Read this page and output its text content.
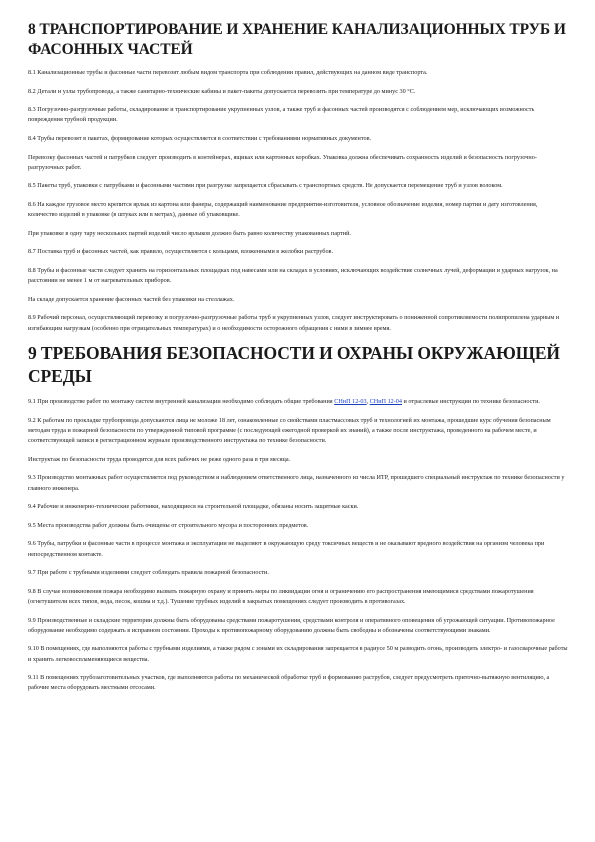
8 ТРАНСПОРТИРОВАНИЕ И ХРАНЕНИЕ КАНАЛИЗАЦИОННЫХ ТРУБ И ФАСОННЫХ ЧАСТЕЙ

8.1 Канализационные трубы и фасонные части перевозят любым видом транспорта при соблюдении правил, действующих на данном виде транспорта.

8.2 Детали и узлы трубопровода, а также санитарно-технические кабины и пакет-пакеты допускается перевозить при температуре до минус 30 °С.

8.3 Погрузочно-разгрузочные работы, складирование и транспортирование укрупненных узлов, а также труб и фасонных частей производятся с соблюдением мер, исключающих возможность повреждения трубной продукции.

8.4 Трубы перевозят в пакетах, формирование которых осуществляется в соответствии с требованиями нормативных документов.

Перевозку фасонных частей и патрубков следует производить в контейнерах, ящиках или картонных коробках. Упаковка должна обеспечивать сохранность изделий и безопасность погрузочно-разгрузочных работ.

8.5 Пакеты труб, упаковки с патрубками и фасонными частями при разгрузке запрещается сбрасывать с транспортных средств. Не допускается перемещение труб и узлов волоком.

8.6 На каждое грузовое место крепится ярлык из картона или фанеры, содержащий наименование предприятия-изготовителя, условное обозначение изделия, номер партии и дату изготовления, количество изделий в упаковке (в штуках или в метрах), данные об упаковщике.

При упаковке в одну тару нескольких партий изделий число ярлыков должно быть равно количеству упакованных партий.

8.7 Поставка труб и фасонных частей, как правило, осуществляется с кольцами, вложенными в желобки раструбов.

8.8 Трубы и фасонные части следует хранить на горизонтальных площадках под навесами или на складах в условиях, исключающих воздействие солнечных лучей, деформации и ударных нагрузок, на расстоянии не менее 1 м от нагревательных приборов.

На складе допускается хранение фасонных частей без упаковки на стеллажах.

8.9 Рабочий персонал, осуществляющий перевозку и погрузочно-разгрузочные работы труб и укрупненных узлов, следует инструктировать о пониженной сопротивляемости полипропилена ударным и изгибающим нагрузкам (особенно при отрицательных температурах) и о необходимости осторожного обращения с ними в зимнее время.

9 ТРЕБОВАНИЯ БЕЗОПАСНОСТИ И ОХРАНЫ ОКРУЖАЮЩЕЙ СРЕДЫ

9.1 При производстве работ по монтажу систем внутренней канализации необходимо соблюдать общие требования СНиП 12-03, СНиП 12-04 и отраслевые инструкции по технике безопасности.

9.2 К работам по прокладке трубопровода допускаются лица не моложе 18 лет, ознакомленные со свойствами пластмассовых труб и технологией их монтажа, прошедшие курс обучения безопасным методам труда и пожарной безопасности по утвержденной типовой программе (с последующей ежегодной проверкой их знаний), а также после инструктажа, проведенного на рабочем месте, и соответствующей записи в регистрационном журнале производственного инструктажа по технике безопасности.

Инструктаж по безопасности труда проводится для всех рабочих не реже одного раза в три месяца.

9.3 Производство монтажных работ осуществляется под руководством и наблюдением ответственного лица, назначенного из числа ИТР, прошедшего специальный инструктаж по технике безопасности у главного инженера.

9.4 Рабочие и инженерно-технические работники, находящиеся на строительной площадке, обязаны носить защитные каски.

9.5 Места производства работ должны быть очищены от строительного мусора и посторонних предметов.

9.6 Трубы, патрубки и фасонные части в процессе монтажа и эксплуатации не выделяют в окружающую среду токсичных веществ и не оказывают вредного воздействия на организм человека при непосредственном контакте.

9.7 При работе с трубными изделиями следует соблюдать правила пожарной безопасности.

9.8 В случае возникновения пожара необходимо вызвать пожарную охрану и принять меры по ликвидации огня и ограничению его распространения имеющимися средствами пожаротушения (огнетушители всех типов, вода, песок, кошма и т.д.). Тушение трубных изделий в закрытых помещениях следует производить в противогазах.

9.9 Производственные и складские территории должны быть оборудованы средствами пожаротушения, средствами контроля и оперативного оповещения об угрожающей ситуации. Противопожарное оборудование необходимо содержать в исправном состоянии. Проходы к противопожарному оборудованию должны быть свободны и обозначены соответствующими знаками.

9.10 В помещениях, где выполняются работы с трубными изделиями, а также рядом с зонами их складирования запрещается в радиусе 50 м разводить огонь, производить электро- и газосварочные работы и хранить легковоспламеняющиеся вещества.

9.11 В помещениях трубозаготовительных участков, где выполняются работы по механической обработке труб и формованию раструбов, следует предусмотреть приточно-вытяжную вентиляцию, а рабочие места оборудовать местными отсосами.
